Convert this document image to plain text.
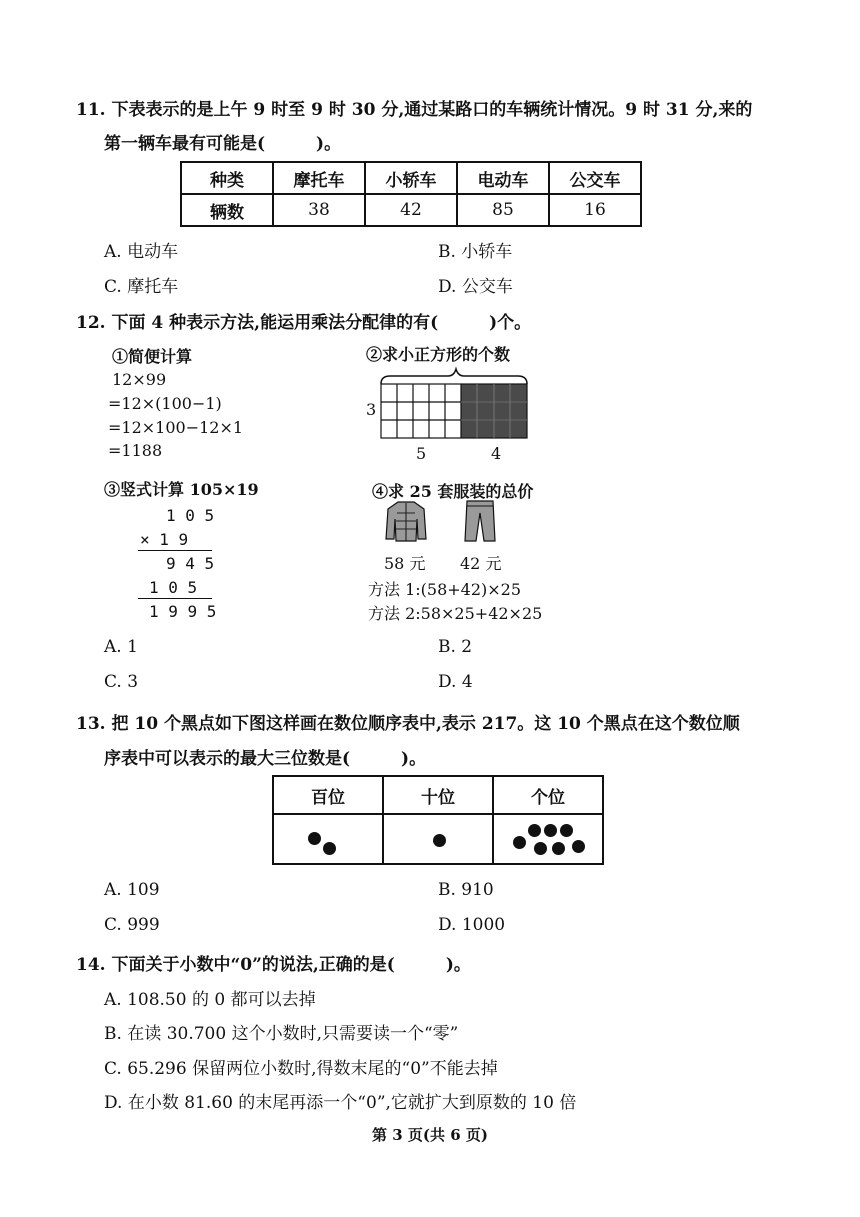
11. 下表表示的是上午 9 时至 9 时 30 分,通过某路口的车辆统计情况。9 时 31 分,来的
第一辆车最有可能是(　　　)。
种类	摩托车	小轿车	电动车	公交车
辆数	38	42	85	16
A. 电动车	B. 小轿车
C. 摩托车	D. 公交车
12. 下面 4 种表示方法,能运用乘法分配律的有(　　　)个。
①简便计算
12×99
=12×(100−1)
=12×100−12×1
=1188
②求小正方形的个数
3
5	4
③竖式计算 105×19
1 0 5
× 1 9
9 4 5
1 0 5
1 9 9 5
④求 25 套服装的总价
58 元 42 元
方法 1:(58+42)×25
方法 2:58×25+42×25
A. 1	B. 2
C. 3	D. 4
13. 把 10 个黑点如下图这样画在数位顺序表中,表示 217。这 10 个黑点在这个数位顺
序表中可以表示的最大三位数是(　　　)。
百位	十位	个位

A. 109	B. 910
C. 999	D. 1000
14. 下面关于小数中“0”的说法,正确的是(　　　)。
A. 108.50 的 0 都可以去掉
B. 在读 30.700 这个小数时,只需要读一个“零”
C. 65.296 保留两位小数时,得数末尾的“0”不能去掉
D. 在小数 81.60 的末尾再添一个“0”,它就扩大到原数的 10 倍
第 3 页(共 6 页)
